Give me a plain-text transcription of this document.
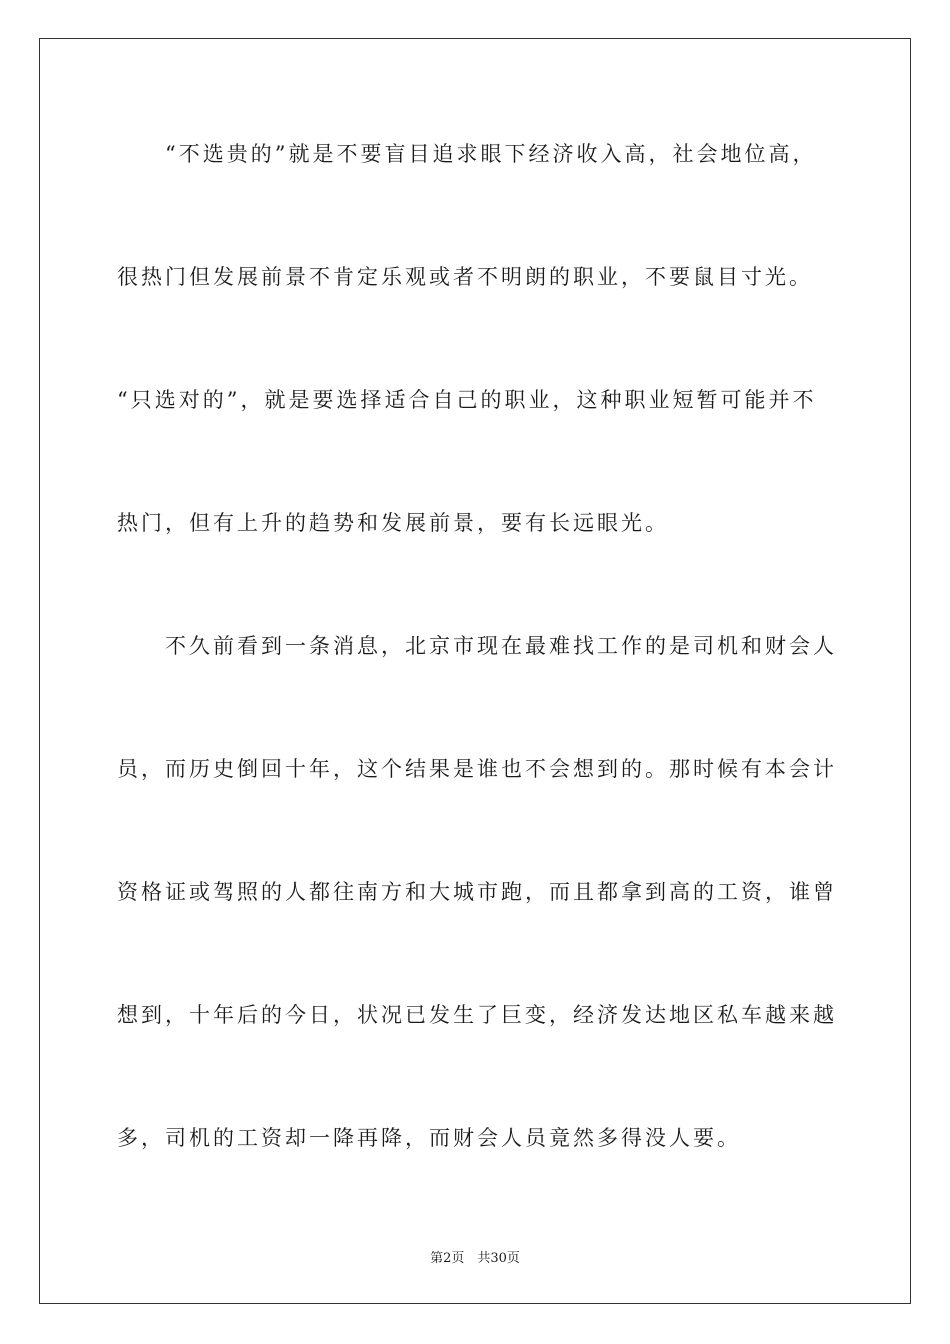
“不选贵的”就是不要盲目追求眼下经济收入高，社会地位高，

很热门但发展前景不肯定乐观或者不明朗的职业，不要鼠目寸光。

“只选对的”，就是要选择适合自己的职业，这种职业短暂可能并不

热门，但有上升的趋势和发展前景，要有长远眼光。

不久前看到一条消息，北京市现在最难找工作的是司机和财会人

员，而历史倒回十年，这个结果是谁也不会想到的。那时候有本会计

资格证或驾照的人都往南方和大城市跑，而且都拿到高的工资，谁曾

想到，十年后的今日，状况已发生了巨变，经济发达地区私车越来越

多，司机的工资却一降再降，而财会人员竟然多得没人要。

第2页　共30页
